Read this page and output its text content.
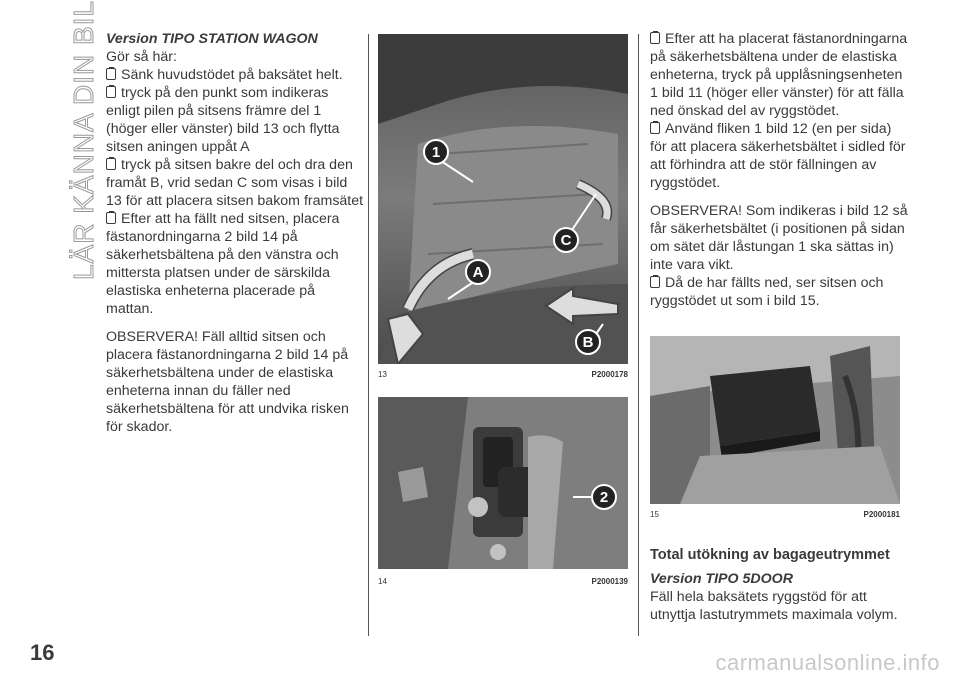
LÄR KÄNNA DIN BIL Version TIPO STATION WAGON
Gör så här:
Sänk huvudstödet på baksätet helt.
tryck på den punkt som indikeras enligt pilen på sitsens främre del 1 (höger eller vänster) bild 13 och flytta sitsen aningen uppåt A
tryck på sitsen bakre del och dra den framåt B, vrid sedan C som visas i bild 13 för att placera sitsen bakom framsätet
Efter att ha fällt ned sitsen, placera fästanordningarna 2 bild 14 på säkerhetsbältena på den vänstra och mittersta platsen under de särskilda elastiska enheterna placerade på mattan.
OBSERVERA! Fäll alltid sitsen och placera fästanordningarna 2 bild 14 på säkerhetsbältena under de elastiska enheterna innan du fäller ned säkerhetsbältena för att undvika risken för skador.
1
C
A
B
13	P2000178
2
14	P2000139
Efter att ha placerat fästanordningarna på säkerhetsbältena under de elastiska enheterna, tryck på upplåsningsenheten 1 bild 11 (höger eller vänster) för att fälla ned önskad del av ryggstödet.
Använd fliken 1 bild 12 (en per sida) för att placera säkerhetsbältet i sidled för att förhindra att de stör fällningen av ryggstödet.
OBSERVERA! Som indikeras i bild 12 så får säkerhetsbältet (i positionen på sidan om sätet där låstungan 1 ska sättas in) inte vara vikt.
Då de har fällts ned, ser sitsen och ryggstödet ut som i bild 15.
15	P2000181
Total utökning av bagageutrymmet
Version TIPO 5DOOR
Fäll hela baksätets ryggstöd för att utnyttja lastutrymmets maximala volym.
16	carmanualsonline.info
